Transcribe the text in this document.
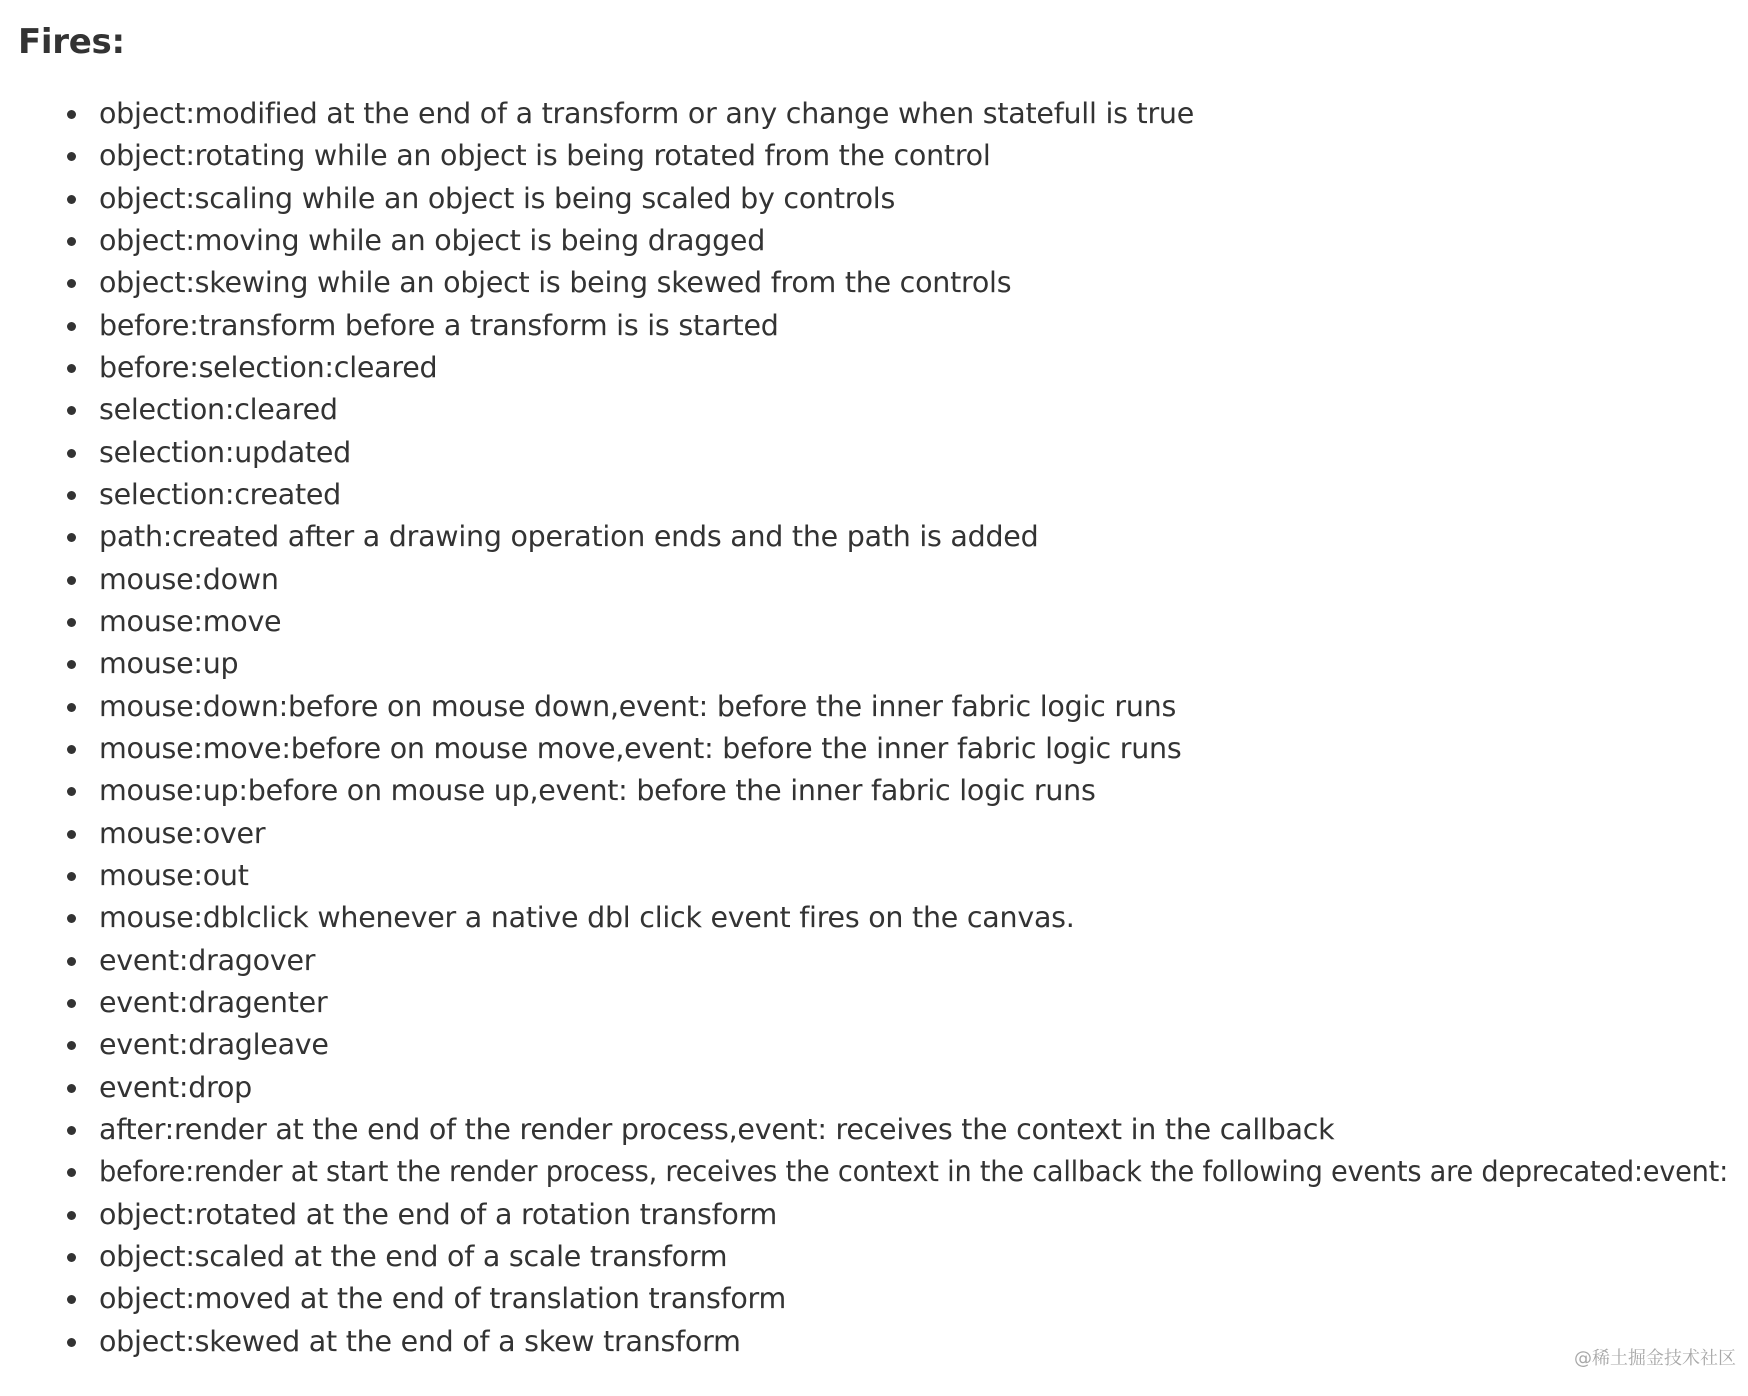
Fires:
object:modified at the end of a transform or any change when statefull is true
object:rotating while an object is being rotated from the control
object:scaling while an object is being scaled by controls
object:moving while an object is being dragged
object:skewing while an object is being skewed from the controls
before:transform before a transform is is started
before:selection:cleared
selection:cleared
selection:updated
selection:created
path:created after a drawing operation ends and the path is added
mouse:down
mouse:move
mouse:up
mouse:down:before on mouse down,event: before the inner fabric logic runs
mouse:move:before on mouse move,event: before the inner fabric logic runs
mouse:up:before on mouse up,event: before the inner fabric logic runs
mouse:over
mouse:out
mouse:dblclick whenever a native dbl click event fires on the canvas.
event:dragover
event:dragenter
event:dragleave
event:drop
after:render at the end of the render process,event: receives the context in the callback
before:render at start the render process, receives the context in the callback the following events are deprecated:event:
object:rotated at the end of a rotation transform
object:scaled at the end of a scale transform
object:moved at the end of translation transform
object:skewed at the end of a skew transform
@稀土掘金技术社区
